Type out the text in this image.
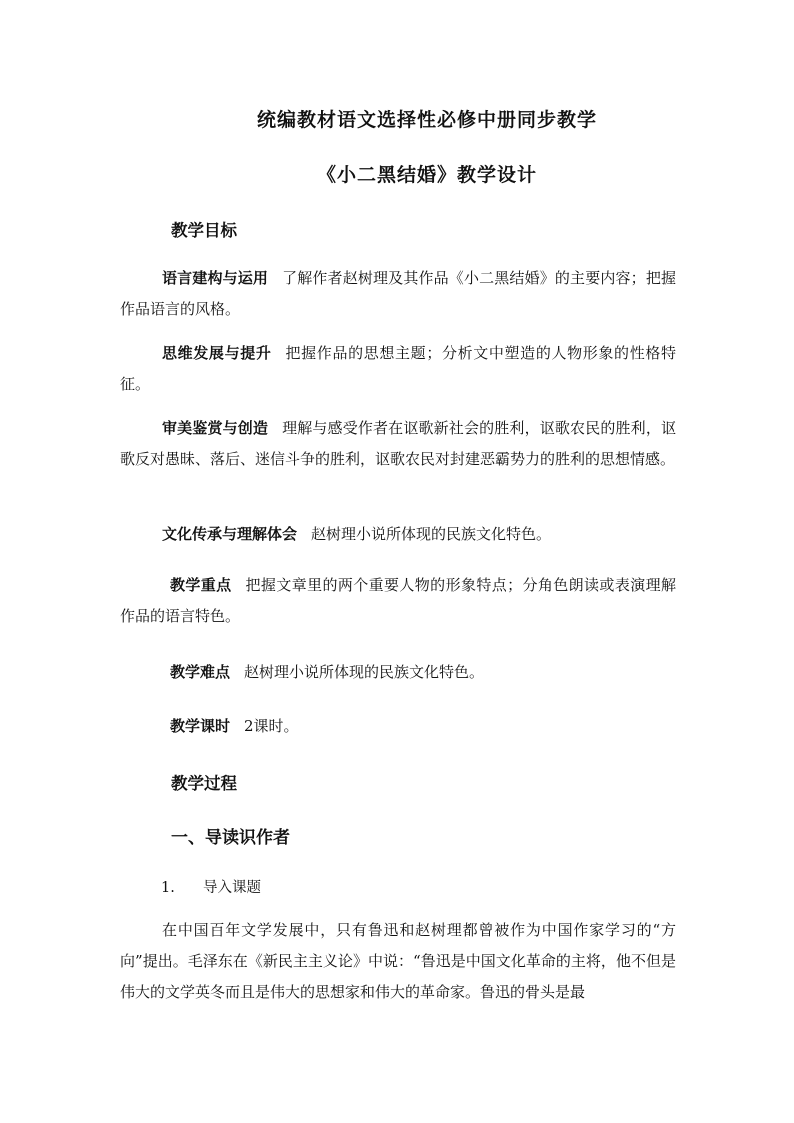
统编教材语文选择性必修中册同步教学
《小二黑结婚》教学设计
教学目标
语言建构与运用 了解作者赵树理及其作品《小二黑结婚》的主要内容；把握作品语言的风格。
思维发展与提升 把握作品的思想主题；分析文中塑造的人物形象的性格特征。
审美鉴赏与创造 理解与感受作者在讴歌新社会的胜利，讴歌农民的胜利，讴歌反对愚昧、落后、迷信斗争的胜利，讴歌农民对封建恶霸势力的胜利的思想情感。
文化传承与理解体会 赵树理小说所体现的民族文化特色。
教学重点 把握文章里的两个重要人物的形象特点；分角色朗读或表演理解作品的语言特色。
教学难点 赵树理小说所体现的民族文化特色。
教学课时 2课时。
教学过程
一、导读识作者
1. 导入课题
在中国百年文学发展中，只有鲁迅和赵树理都曾被作为中国作家学习的“方向”提出。毛泽东在《新民主主义论》中说：“鲁迅是中国文化革命的主将，他不但是伟大的文学英冬而且是伟大的思想家和伟大的革命家。鲁迅的骨头是最
